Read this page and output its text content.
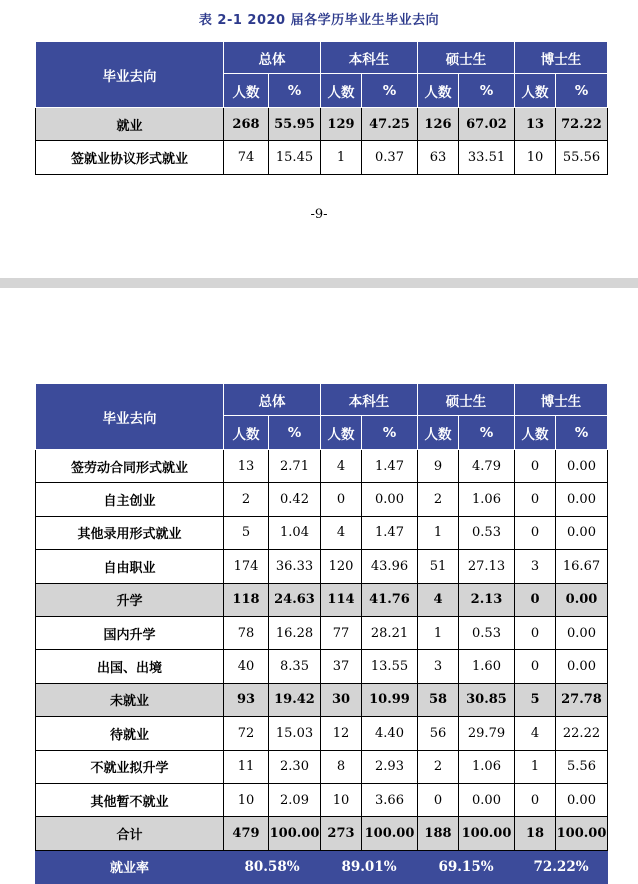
表 2-1 2020 届各学历毕业生毕业去向
毕业去向	总体		本科生		硕士生		博士生	
	人数	%	人数	%	人数	%	人数	%
就业	268	55.95	129	47.25	126	67.02	13	72.22
签就业协议形式就业	74	15.45	1	0.37	63	33.51	10	55.56
-9-
毕业去向	总体		本科生		硕士生		博士生	
	人数	%	人数	%	人数	%	人数	%
签劳动合同形式就业	13	2.71	4	1.47	9	4.79	0	0.00
自主创业	2	0.42	0	0.00	2	1.06	0	0.00
其他录用形式就业	5	1.04	4	1.47	1	0.53	0	0.00
自由职业	174	36.33	120	43.96	51	27.13	3	16.67
升学	118	24.63	114	41.76	4	2.13	0	0.00
国内升学	78	16.28	77	28.21	1	0.53	0	0.00
出国、出境	40	8.35	37	13.55	3	1.60	0	0.00
未就业	93	19.42	30	10.99	58	30.85	5	27.78
待就业	72	15.03	12	4.40	56	29.79	4	22.22
不就业拟升学	11	2.30	8	2.93	2	1.06	1	5.56
其他暂不就业	10	2.09	10	3.66	0	0.00	0	0.00
合计	479	100.00	273	100.00	188	100.00	18	100.00
就业率	80.58%		89.01%		69.15%		72.22%	
